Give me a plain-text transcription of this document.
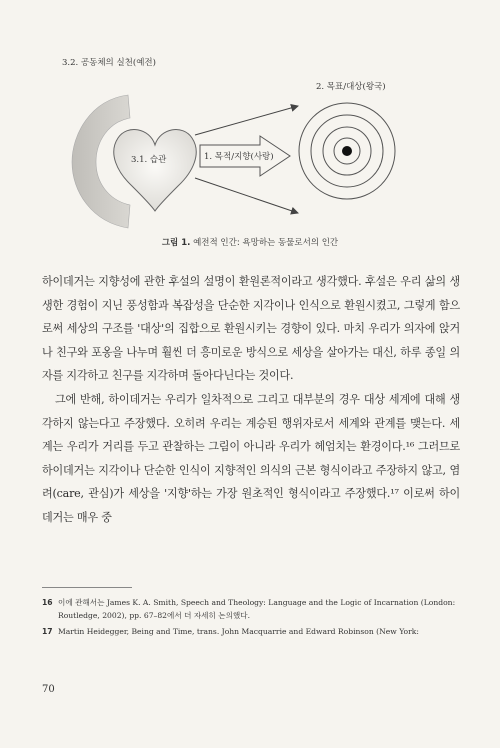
3.2. 공동체의 실천(예전)
3.1. 습관	1. 목적/지향(사랑)
2. 목표/대상(왕국)
그림 1. 예전적 인간: 욕망하는 동물로서의 인간

하이데거는 지향성에 관한 후설의 설명이 환원론적이라고 생각했다. 후설은 우리 삶의 생생한 경험이 지닌 풍성함과 복잡성을 단순한 지각이나 인식으로 환원시켰고, 그렇게 함으로써 세상의 구조를 '대상'의 집합으로 환원시키는 경향이 있다. 마치 우리가 의자에 앉거나 친구와 포옹을 나누며 훨씬 더 흥미로운 방식으로 세상을 살아가는 대신, 하루 종일 의자를 지각하고 친구를 지각하며 돌아다닌다는 것이다.

그에 반해, 하이데거는 우리가 일차적으로 그리고 대부분의 경우 대상 세계에 대해 생각하지 않는다고 주장했다. 오히려 우리는 계승된 행위자로서 세계와 관계를 맺는다. 세계는 우리가 거리를 두고 관찰하는 그림이 아니라 우리가 헤엄치는 환경이다.¹⁶ 그러므로 하이데거는 지각이나 단순한 인식이 지향적인 의식의 근본 형식이라고 주장하지 않고, 염려(care, 관심)가 세상을 '지향'하는 가장 원초적인 형식이라고 주장했다.¹⁷ 이로써 하이데거는 매우 중

16 이에 관해서는 James K. A. Smith, Speech and Theology: Language and the Logic of Incarnation (London: Routledge, 2002), pp. 67–82에서 더 자세히 논의했다.

17 Martin Heidegger, Being and Time, trans. John Macquarrie and Edward Robinson (New York:

70
